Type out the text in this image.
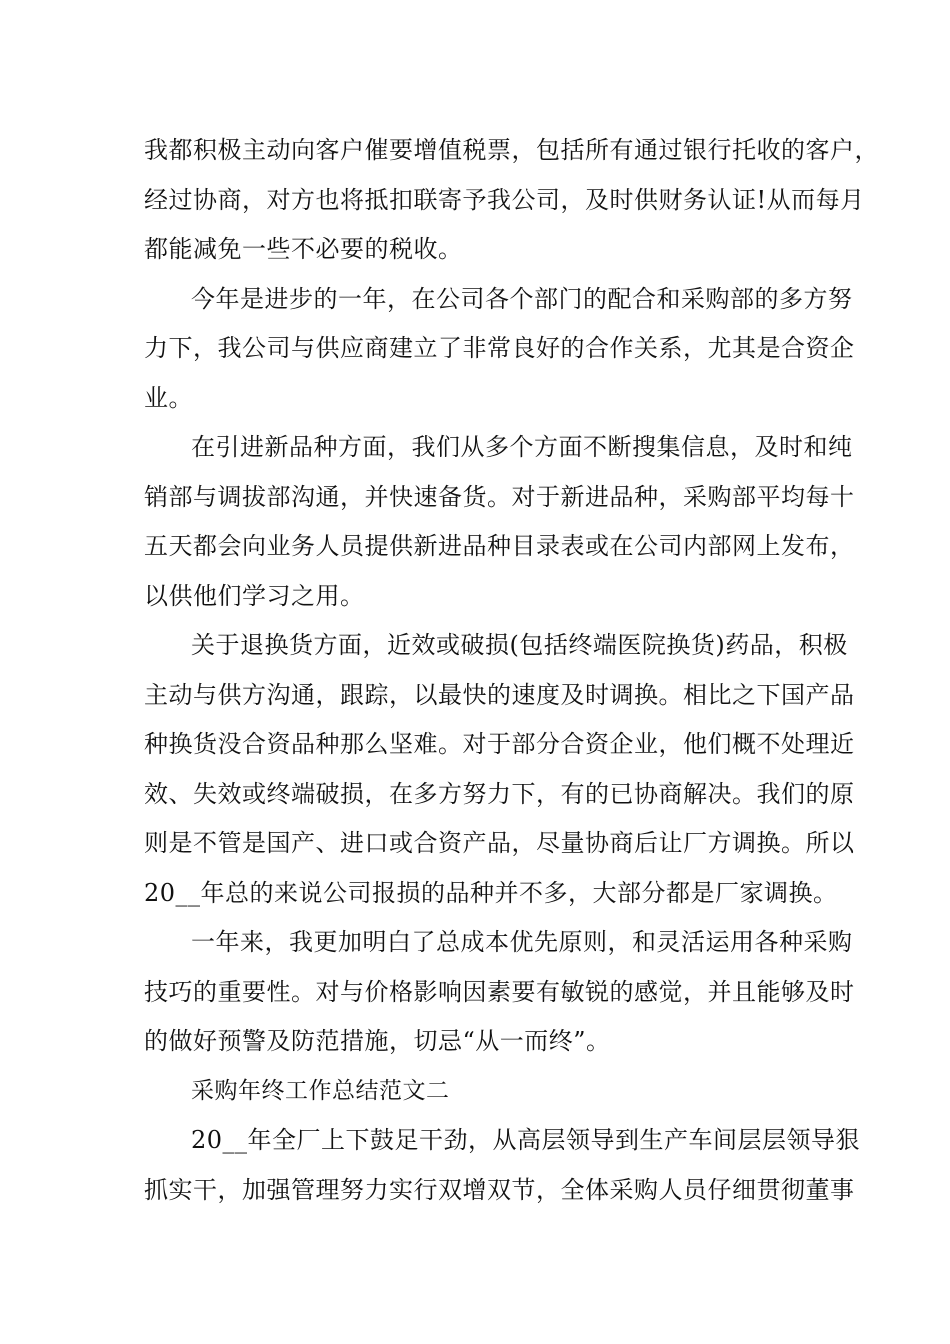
我都积极主动向客户催要增值税票，包括所有通过银行托收的客户，
经过协商，对方也将抵扣联寄予我公司，及时供财务认证!从而每月
都能减免一些不必要的税收。
今年是进步的一年，在公司各个部门的配合和采购部的多方努
力下，我公司与供应商建立了非常良好的合作关系，尤其是合资企
业。
在引进新品种方面，我们从多个方面不断搜集信息，及时和纯
销部与调拔部沟通，并快速备货。对于新进品种，采购部平均每十
五天都会向业务人员提供新进品种目录表或在公司内部网上发布，
以供他们学习之用。
关于退换货方面，近效或破损(包括终端医院换货)药品，积极
主动与供方沟通，跟踪，以最快的速度及时调换。相比之下国产品
种换货没合资品种那么坚难。对于部分合资企业，他们概不处理近
效、失效或终端破损，在多方努力下，有的已协商解决。我们的原
则是不管是国产、进口或合资产品，尽量协商后让厂方调换。所以
20__年总的来说公司报损的品种并不多，大部分都是厂家调换。
一年来，我更加明白了总成本优先原则，和灵活运用各种采购
技巧的重要性。对与价格影响因素要有敏锐的感觉，并且能够及时
的做好预警及防范措施，切忌“从一而终”。
采购年终工作总结范文二
20__年全厂上下鼓足干劲，从高层领导到生产车间层层领导狠
抓实干，加强管理努力实行双增双节，全体采购人员仔细贯彻董事
